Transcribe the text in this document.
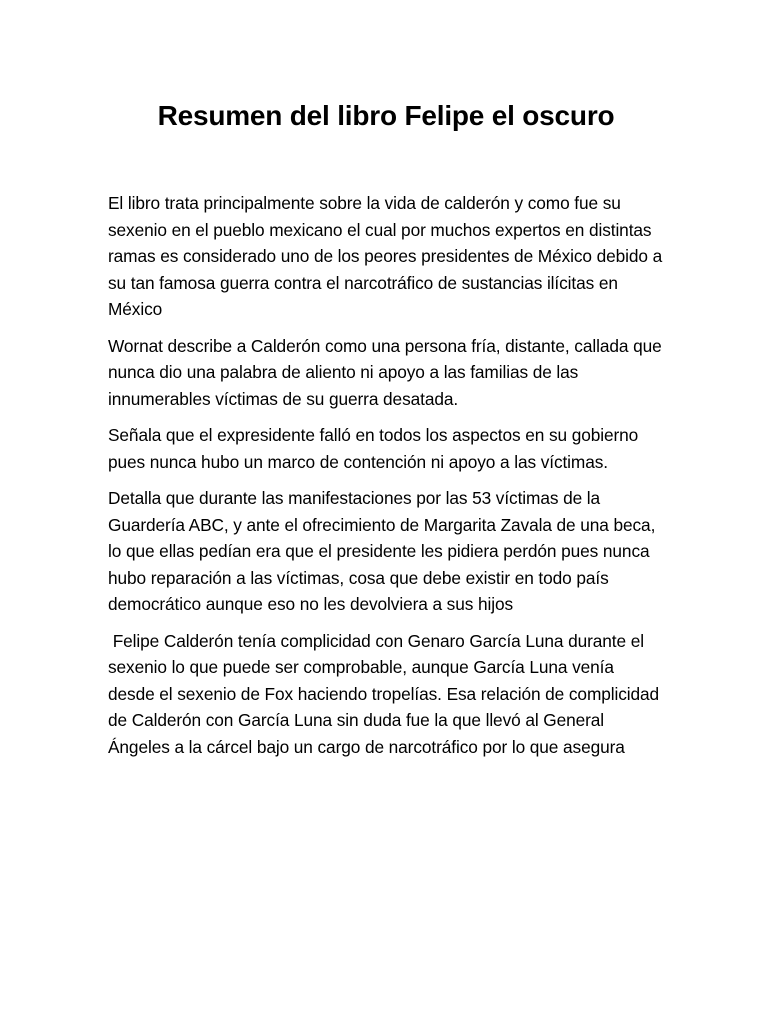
Resumen del libro Felipe el oscuro

El libro trata principalmente sobre la vida de calderón y como fue su sexenio en el pueblo mexicano el cual por muchos expertos en distintas ramas es considerado uno de los peores presidentes de México debido a su tan famosa guerra contra el narcotráfico de sustancias ilícitas en México

Wornat describe a Calderón como una persona fría, distante, callada que nunca dio una palabra de aliento ni apoyo a las familias de las innumerables víctimas de su guerra desatada.

Señala que el expresidente falló en todos los aspectos en su gobierno pues nunca hubo un marco de contención ni apoyo a las víctimas.

Detalla que durante las manifestaciones por las 53 víctimas de la Guardería ABC, y ante el ofrecimiento de Margarita Zavala de una beca, lo que ellas pedían era que el presidente les pidiera perdón pues nunca hubo reparación a las víctimas, cosa que debe existir en todo país democrático aunque eso no les devolviera a sus hijos

Felipe Calderón tenía complicidad con Genaro García Luna durante el sexenio lo que puede ser comprobable, aunque García Luna venía desde el sexenio de Fox haciendo tropelías. Esa relación de complicidad de Calderón con García Luna sin duda fue la que llevó al General Ángeles a la cárcel bajo un cargo de narcotráfico por lo que asegura
